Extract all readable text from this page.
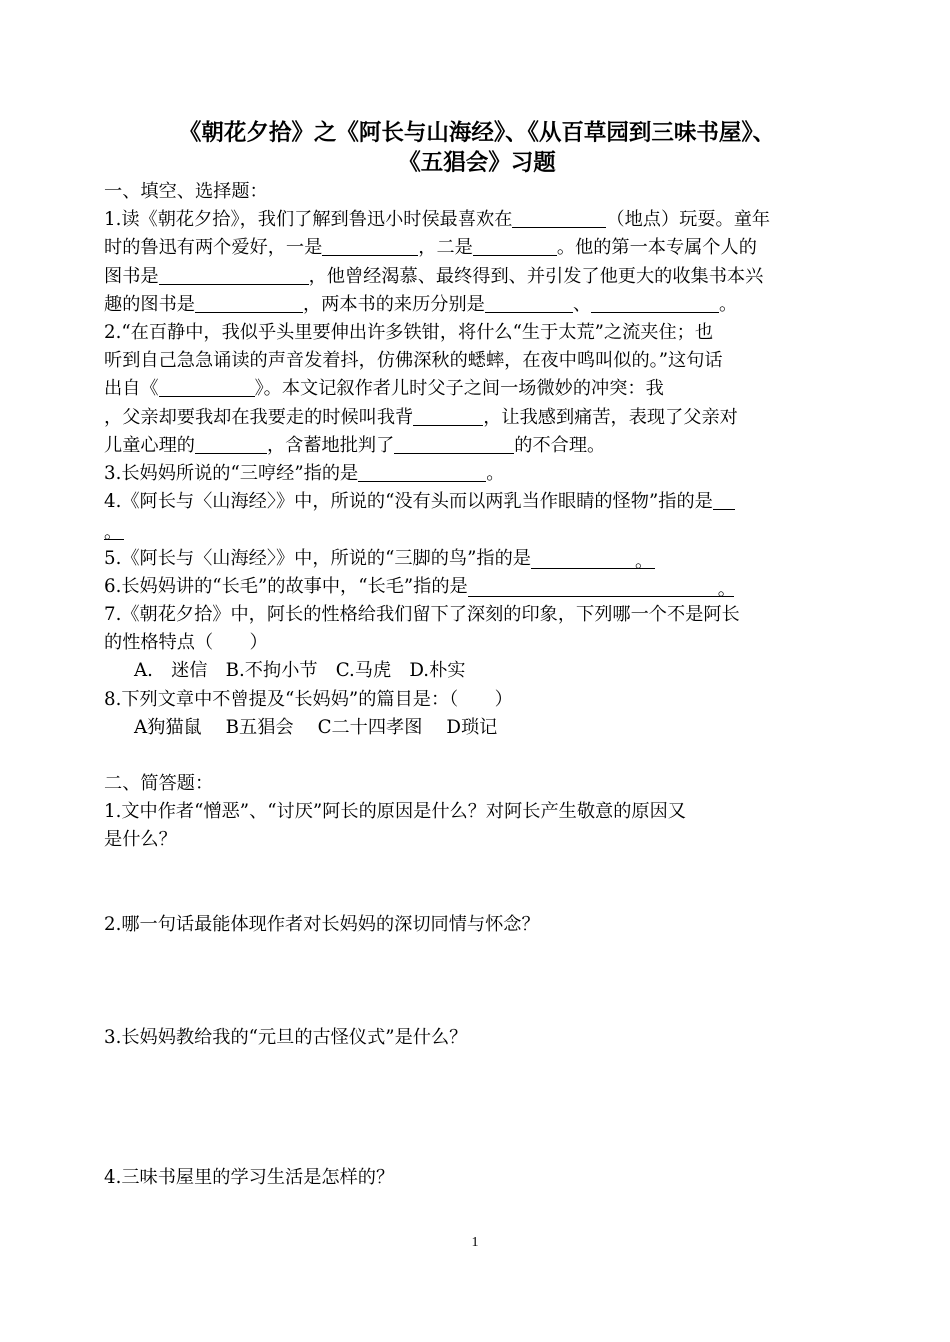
《朝花夕拾》之《阿长与山海经》、《从百草园到三味书屋》、
《五猖会》习题
一、填空、选择题：
1.读《朝花夕拾》，我们了解到鲁迅小时侯最喜欢在	（地点）玩耍。童年
时的鲁迅有两个爱好，一是	，二是	。他的第一本专属个人的
图书是	，他曾经渴慕、最终得到、并引发了他更大的收集书本兴
趣的图书是	，两本书的来历分别是	、	。
2.“在百静中，我似乎头里要伸出许多铁钳，将什么“生于太荒”之流夹住；也
听到自己急急诵读的声音发着抖，仿佛深秋的蟋蟀，在夜中鸣叫似的。”这句话
出自《	》。本文记叙作者儿时父子之间一场微妙的冲突：我
，父亲却要我却在我要走的时候叫我背	，让我感到痛苦，表现了父亲对
儿童心理的	，含蓄地批判了	的不合理。
3.长妈妈所说的“三哼经”指的是	。
4.《阿长与〈山海经〉》中，所说的“没有头而以两乳当作眼睛的怪物”指的是
。
5.《阿长与〈山海经〉》中，所说的“三脚的鸟”指的是	。
6.长妈妈讲的“长毛”的故事中，“长毛”指的是	。
7.《朝花夕拾》中，阿长的性格给我们留下了深刻的印象，下列哪一个不是阿长
的性格特点（　　）
A.　迷信　B.不拘小节　C.马虎　D.朴实
8.下列文章中不曾提及“长妈妈”的篇目是：（　　）
A狗猫鼠　 B五猖会　 C二十四孝图　 D琐记
二、简答题：
1.文中作者“憎恶”、“讨厌”阿长的原因是什么？对阿长产生敬意的原因又
是什么？
2.哪一句话最能体现作者对长妈妈的深切同情与怀念？
3.长妈妈教给我的“元旦的古怪仪式”是什么？
4.三味书屋里的学习生活是怎样的？
1
